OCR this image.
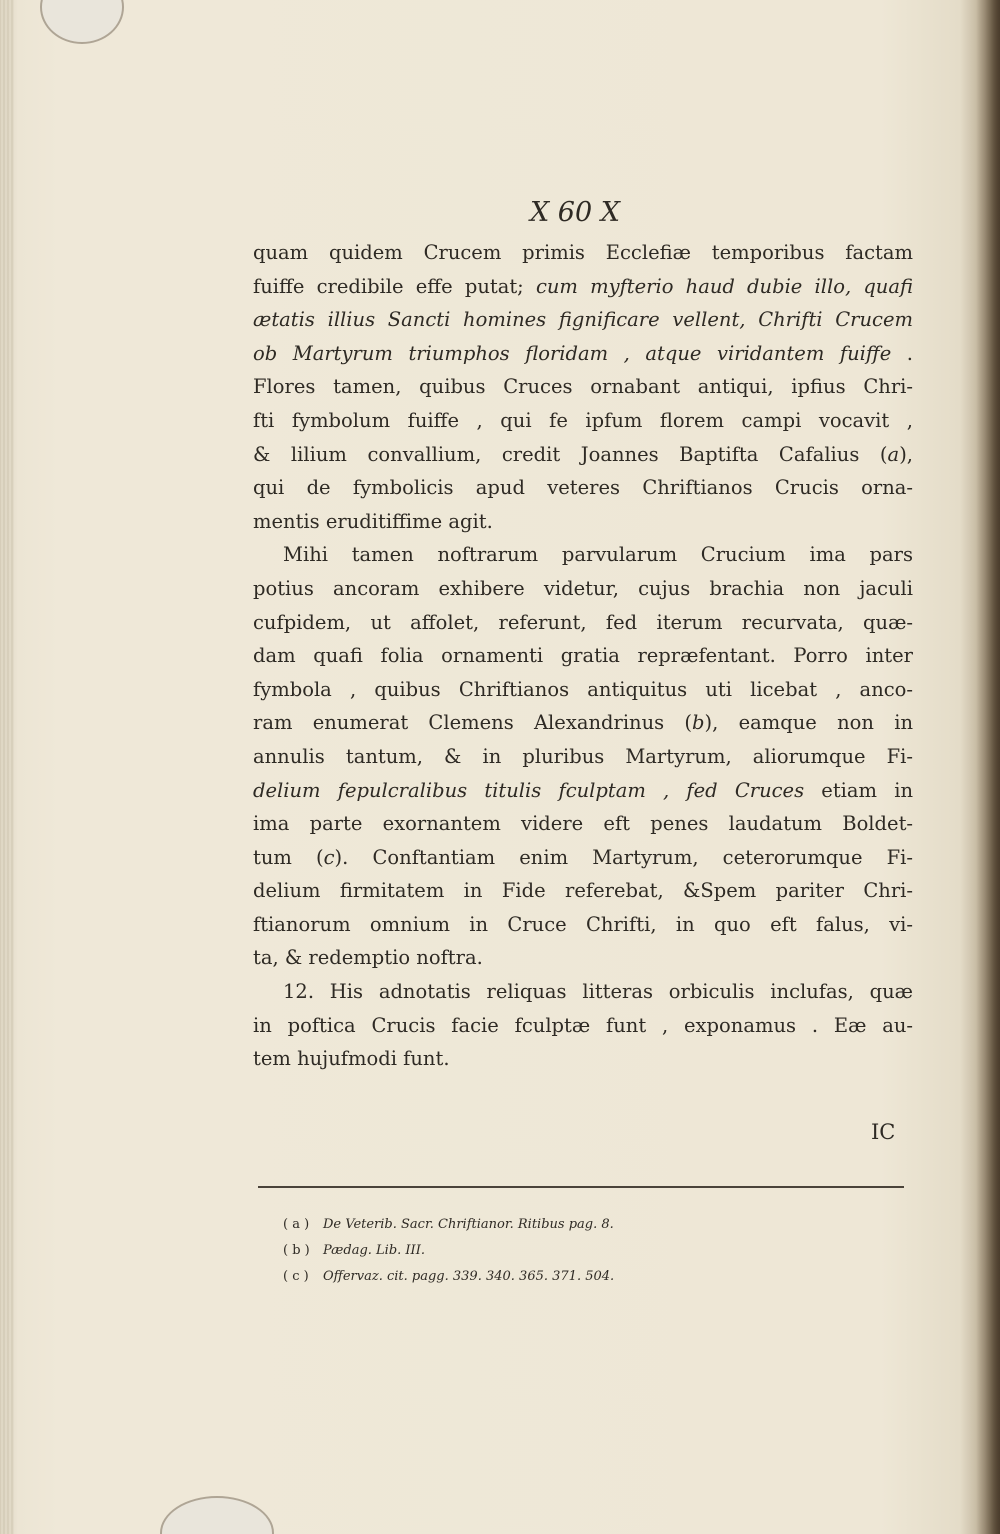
Ⅹ 60 Ⅹ
quam quidem Crucem primis Ecclefiæ temporibus factam
fuiffe credibile effe putat; cum myfterio haud dubie illo, quafi
ætatis illius Sancti homines fignificare vellent, Chrifti Crucem
ob Martyrum triumphos floridam , atque viridantem fuiffe .
Flores tamen, quibus Cruces ornabant antiqui, ipfius Chri-
fti fymbolum fuiffe , qui fe ipfum florem campi vocavit ,
& lilium convallium, credit Joannes Baptifta Cafalius (a),
qui de fymbolicis apud veteres Chriftianos Crucis orna-
mentis eruditiffime agit.
Mihi tamen noftrarum parvularum Crucium ima pars
potius ancoram exhibere videtur, cujus brachia non jaculi
cufpidem, ut affolet, referunt, fed iterum recurvata, quæ-
dam quafi folia ornamenti gratia repræfentant. Porro inter
fymbola , quibus Chriftianos antiquitus uti licebat , anco-
ram enumerat Clemens Alexandrinus (b), eamque non in
annulis tantum, & in pluribus Martyrum, aliorumque Fi-
delium fepulcralibus titulis fculptam , fed Cruces etiam in
ima parte exornantem videre eft penes laudatum Boldet-
tum (c). Conftantiam enim Martyrum, ceterorumque Fi-
delium firmitatem in Fide referebat, &Spem pariter Chri-
ftianorum omnium in Cruce Chrifti, in quo eft falus, vi-
ta, & redemptio noftra.
12. His adnotatis reliquas litteras orbiculis inclufas, quæ
in poftica Crucis facie fculptæ funt , exponamus . Eæ au-
tem hujufmodi funt.
IC
( a ) De Veterib. Sacr. Chriftianor. Ritibus pag. 8.
( b ) Pædag. Lib. III.
( c ) Offervaz. cit. pagg. 339. 340. 365. 371. 504.
